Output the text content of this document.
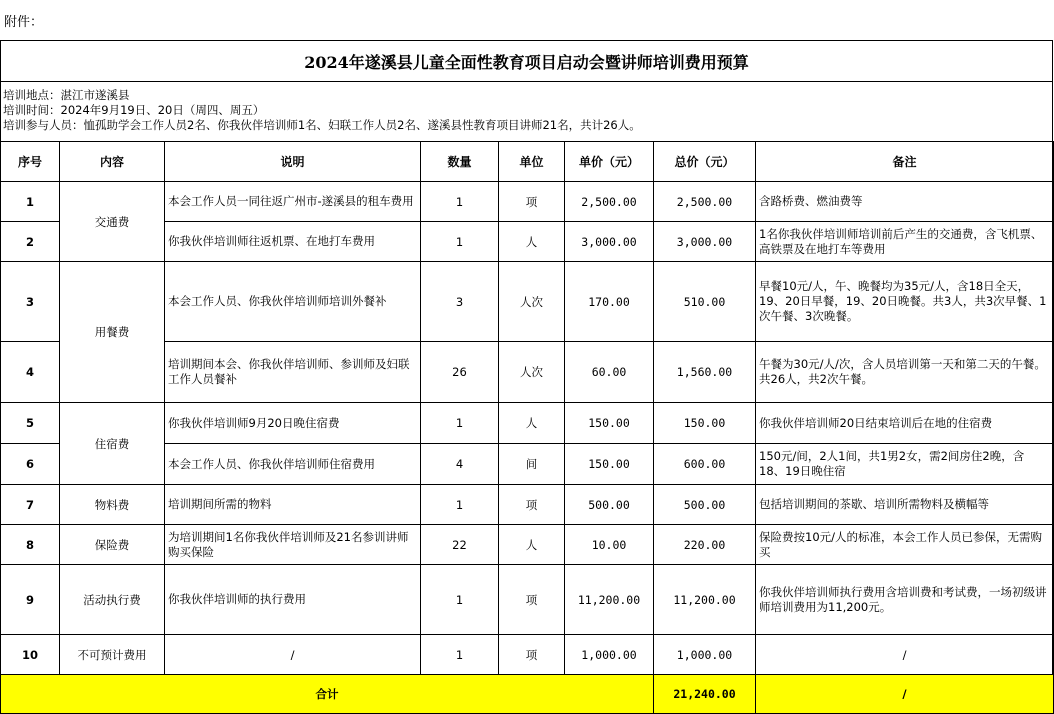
附件：
2024年遂溪县儿童全面性教育项目启动会暨讲师培训费用预算
培训地点：湛江市遂溪县
培训时间：2024年9月19日、20日（周四、周五）
培训参与人员：恤孤助学会工作人员2名、你我伙伴培训师1名、妇联工作人员2名、遂溪县性教育项目讲师21名，共计26人。
序号	内容	说明	数量	单位	单价（元）	总价（元）	备注
1	交通费	本会工作人员一同往返广州市-遂溪县的租车费用	1	项	2,500.00	2,500.00	含路桥费、燃油费等
2		你我伙伴培训师往返机票、在地打车费用	1	人	3,000.00	3,000.00	1名你我伙伴培训师培训前后产生的交通费，含飞机票、高铁票及在地打车等费用
3	用餐费	本会工作人员、你我伙伴培训师培训外餐补	3	人次	170.00	510.00	早餐10元/人，午、晚餐均为35元/人，含18日全天，19、20日早餐，19、20日晚餐。共3人，共3次早餐、1次午餐、3次晚餐。
4		培训期间本会、你我伙伴培训师、参训师及妇联工作人员餐补	26	人次	60.00	1,560.00	午餐为30元/人/次，含人员培训第一天和第二天的午餐。共26人，共2次午餐。
5	住宿费	你我伙伴培训师9月20日晚住宿费	1	人	150.00	150.00	你我伙伴培训师20日结束培训后在地的住宿费
6		本会工作人员、你我伙伴培训师住宿费用	4	间	150.00	600.00	150元/间，2人1间，共1男2女，需2间房住2晚，含18、19日晚住宿
7	物料费	培训期间所需的物料	1	项	500.00	500.00	包括培训期间的茶歇、培训所需物料及横幅等
8	保险费	为培训期间1名你我伙伴培训师及21名参训讲师购买保险	22	人	10.00	220.00	保险费按10元/人的标准，本会工作人员已参保，无需购买
9	活动执行费	你我伙伴培训师的执行费用	1	项	11,200.00	11,200.00	你我伙伴培训师执行费用含培训费和考试费，一场初级讲师培训费用为11,200元。
10	不可预计费用	/	1	项	1,000.00	1,000.00	/
合计						21,240.00	/
